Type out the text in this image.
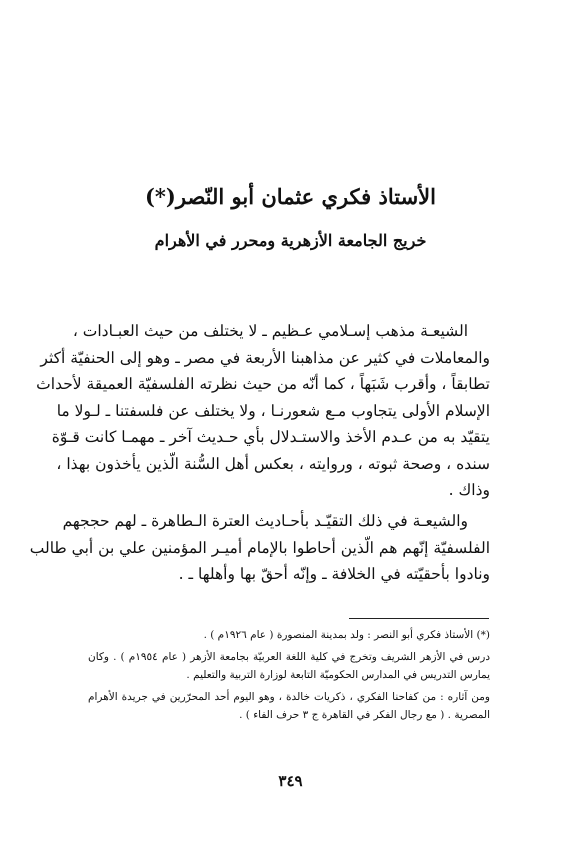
الأستاذ فكري عثمان أبو النّصر(*)
خريج الجامعة الأزهرية ومحرر في الأهرام
الشيعـة مذهب إسـلامي عـظيم ـ لا يختلف من حيث العبـادات ،
والمعاملات في كثير عن مذاهبنا الأربعة في مصر ـ وهو إلى الحنفيّة أكثر
تطابقاً ، وأقرب شَبَهاً ، كما أنّه من حيث نظرته الفلسفيّة العميقة لأحداث
الإسلام الأولى يتجاوب مـع شعورنـا ، ولا يختلف عن فلسفتنا ـ لـولا ما
يتقيّد به من عـدم الأخذ والاستـدلال بأي حـديث آخر ـ مهمـا كانت قـوّة
سنده ، وصحة ثبوته ، وروايته ، بعكس أهل السُّنة الّذين يأخذون بهذا ،
وذاك .
والشيعـة في ذلك التقيّـد بأحـاديث العترة الـطاهرة ـ لهم حججهم
الفلسفيّة إنّهم هم الّذين أحاطوا بالإمام أميـر المؤمنين علي بن أبي طالب
ونادوا بأحقيّته في الخلافة ـ وإنّه أحقّ بها وأهلها ـ .
(*) الأستاذ فكري أبو النصر : ولد بمدينة المنصورة ( عام ١٩٢٦م ) .
درس في الأزهر الشريف وتخرج في كلية اللغة العربيّة بجامعة الأزهر ( عام ١٩٥٤م ) . وكان
يمارس التدريس في المدارس الحكوميّة التابعة لوزارة التربية والتعليم .
ومن آثاره : من كفاحنا الفكري ، ذكريات خالدة ، وهو اليوم أحد المحرّرين في جريدة الأهرام
المصرية . ( مع رجال الفكر في القاهرة ج ٣ حرف الفاء ) .
٣٤٩
